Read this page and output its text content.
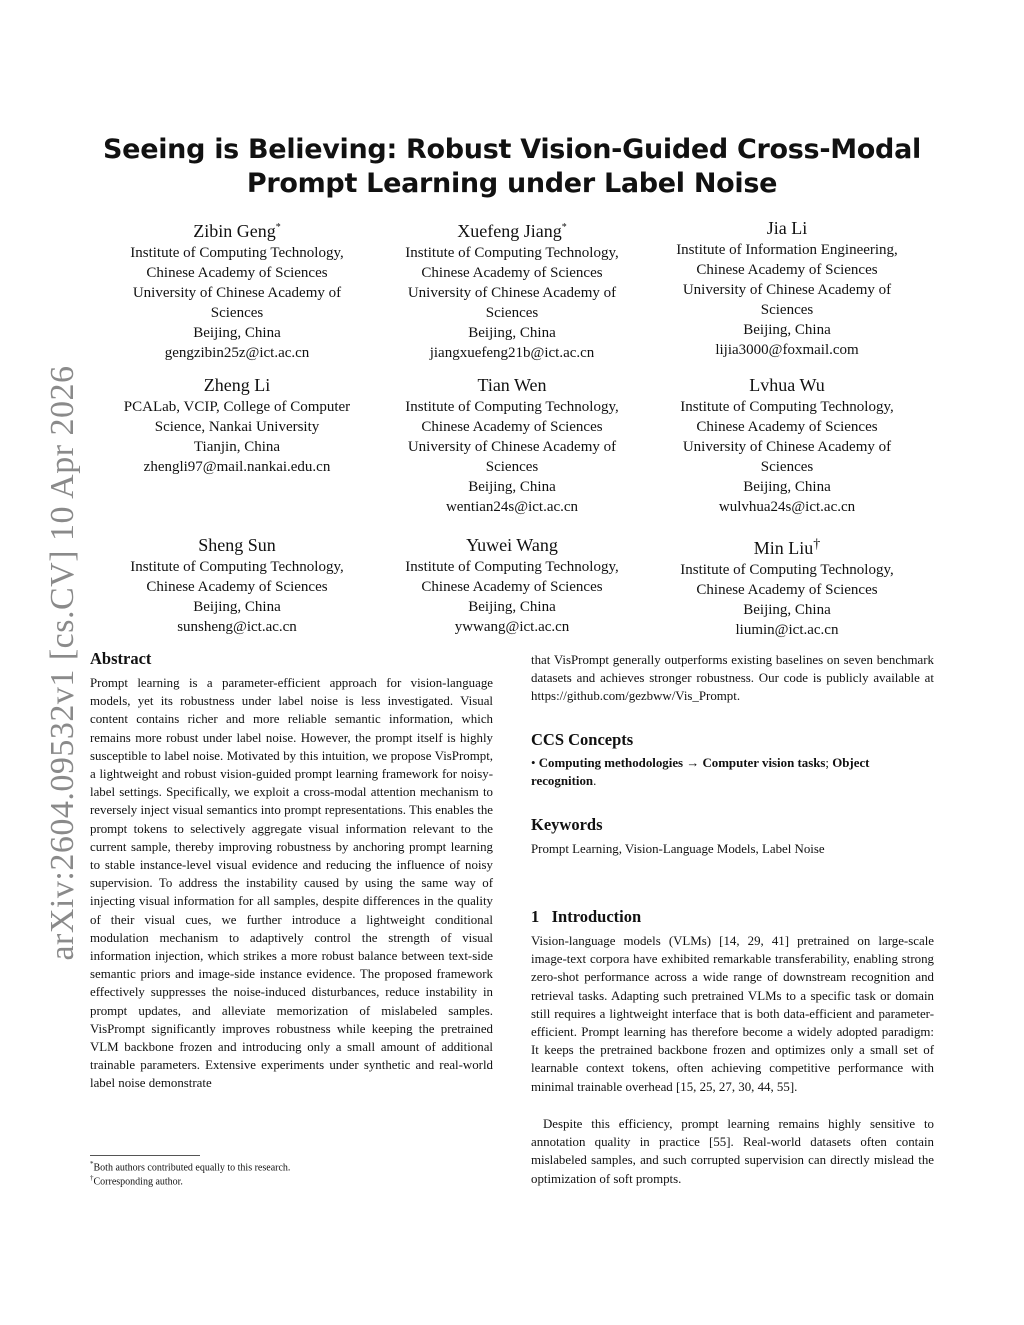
arXiv:2604.09532v1 [cs.CV] 10 Apr 2026
Seeing is Believing: Robust Vision-Guided Cross-Modal Prompt Learning under Label Noise
Zibin Geng*
Institute of Computing Technology,
Chinese Academy of Sciences
University of Chinese Academy of
Sciences
Beijing, China
gengzibin25z@ict.ac.cn
Xuefeng Jiang*
Institute of Computing Technology,
Chinese Academy of Sciences
University of Chinese Academy of
Sciences
Beijing, China
jiangxuefeng21b@ict.ac.cn
Jia Li
Institute of Information Engineering,
Chinese Academy of Sciences
University of Chinese Academy of
Sciences
Beijing, China
lijia3000@foxmail.com
Zheng Li
PCALab, VCIP, College of Computer
Science, Nankai University
Tianjin, China
zhengli97@mail.nankai.edu.cn
Tian Wen
Institute of Computing Technology,
Chinese Academy of Sciences
University of Chinese Academy of
Sciences
Beijing, China
wentian24s@ict.ac.cn
Lvhua Wu
Institute of Computing Technology,
Chinese Academy of Sciences
University of Chinese Academy of
Sciences
Beijing, China
wulvhua24s@ict.ac.cn
Sheng Sun
Institute of Computing Technology,
Chinese Academy of Sciences
Beijing, China
sunsheng@ict.ac.cn
Yuwei Wang
Institute of Computing Technology,
Chinese Academy of Sciences
Beijing, China
ywwang@ict.ac.cn
Min Liu†
Institute of Computing Technology,
Chinese Academy of Sciences
Beijing, China
liumin@ict.ac.cn
Abstract

Prompt learning is a parameter-efficient approach for vision-language models, yet its robustness under label noise is less investigated. Visual content contains richer and more reliable semantic information, which remains more robust under label noise. However, the prompt itself is highly susceptible to label noise. Motivated by this intuition, we propose VisPrompt, a lightweight and robust vision-guided prompt learning framework for noisy-label settings. Specifically, we exploit a cross-modal attention mechanism to reversely inject visual semantics into prompt representations. This enables the prompt tokens to selectively aggregate visual information relevant to the current sample, thereby improving robustness by anchoring prompt learning to stable instance-level visual evidence and reducing the influence of noisy supervision. To address the instability caused by using the same way of injecting visual information for all samples, despite differences in the quality of their visual cues, we further introduce a lightweight conditional modulation mechanism to adaptively control the strength of visual information injection, which strikes a more robust balance between text-side semantic priors and image-side instance evidence. The proposed framework effectively suppresses the noise-induced disturbances, reduce instability in prompt updates, and alleviate memorization of mislabeled samples. VisPrompt significantly improves robustness while keeping the pretrained VLM backbone frozen and introducing only a small amount of additional trainable parameters. Extensive experiments under synthetic and real-world label noise demonstrate

*Both authors contributed equally to this research.
†Corresponding author.

that VisPrompt generally outperforms existing baselines on seven benchmark datasets and achieves stronger robustness. Our code is publicly available at https://github.com/gezbww/Vis_Prompt.

CCS Concepts

• Computing methodologies → Computer vision tasks; Object recognition.

Keywords

Prompt Learning, Vision-Language Models, Label Noise

1 Introduction

Vision-language models (VLMs) [14, 29, 41] pretrained on large-scale image-text corpora have exhibited remarkable transferability, enabling strong zero-shot performance across a wide range of downstream recognition and retrieval tasks. Adapting such pretrained VLMs to a specific task or domain still requires a lightweight interface that is both data-efficient and parameter-efficient. Prompt learning has therefore become a widely adopted paradigm: It keeps the pretrained backbone frozen and optimizes only a small set of learnable context tokens, often achieving competitive performance with minimal trainable overhead [15, 25, 27, 30, 44, 55].

Despite this efficiency, prompt learning remains highly sensitive to annotation quality in practice [55]. Real-world datasets often contain mislabeled samples, and such corrupted supervision can directly mislead the optimization of soft prompts.
